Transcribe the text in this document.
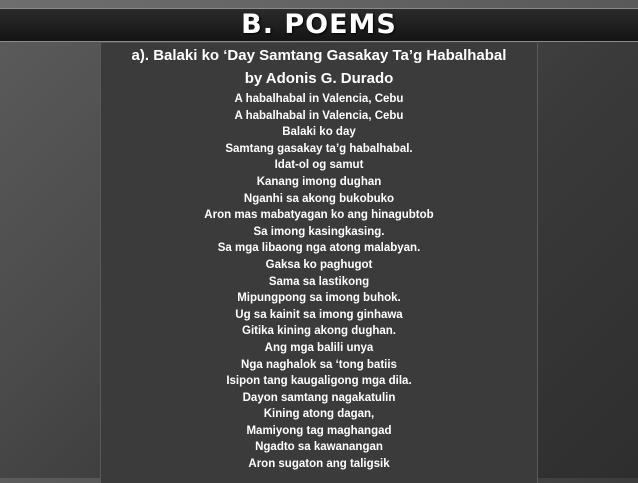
B. POEMS
a). Balaki ko ‘Day Samtang Gasakay Ta’g Habalhabal
by Adonis G. Durado
A habalhabal in Valencia, Cebu
A habalhabal in Valencia, Cebu
Balaki ko day
Samtang gasakay ta’g habalhabal.
Idat-ol og samut
Kanang imong dughan
Nganhi sa akong bukobuko
Aron mas mabatyagan ko ang hinagubtob
Sa imong kasingkasing.
Sa mga libaong nga atong malabyan.
Gaksa ko paghugot
Sama sa lastikong
Mipungpong sa imong buhok.
Ug sa kainit sa imong ginhawa
Gitika kining akong dughan.
Ang mga balili unya
Nga naghalok sa ‘tong batiis
Isipon tang kaugaligong mga dila.
Dayon samtang nagakatulin
Kining atong dagan,
Mamiyong tag maghangad
Ngadto sa kawanangan
Aron sugaton ang taligsik
